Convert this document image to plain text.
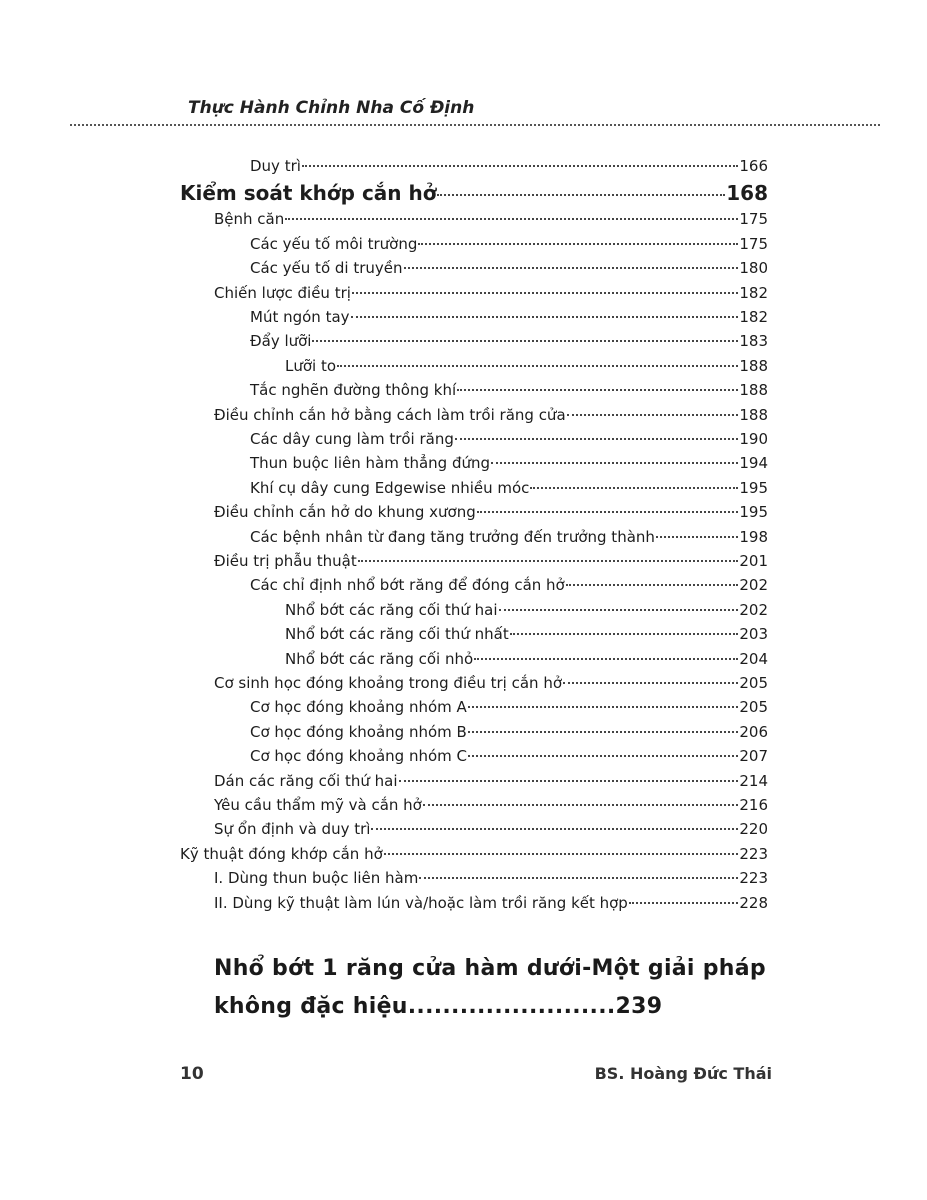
Thực Hành Chỉnh Nha Cố Định
Duy trì	166
Kiểm soát khớp cắn hở	168
Bệnh căn	175
Các yếu tố môi trường	175
Các yếu tố di truyền	180
Chiến lược điều trị	182
Mút ngón tay	182
Đẩy lưỡi	183
Lưỡi to	188
Tắc nghẽn đường thông khí	188
Điều chỉnh cắn hở bằng cách làm trồi răng cửa	188
Các dây cung làm trồi răng	190
Thun buộc liên hàm thẳng đứng	194
Khí cụ dây cung Edgewise nhiều móc	195
Điều chỉnh cắn hở do khung xương	195
Các bệnh nhân từ đang tăng trưởng đến trưởng thành	198
Điều trị phẫu thuật	201
Các chỉ định nhổ bớt răng để đóng cắn hở	202
Nhổ bớt các răng cối thứ hai	202
Nhổ bớt các răng cối thứ nhất	203
Nhổ bớt các răng cối nhỏ	204
Cơ sinh học đóng khoảng trong điều trị cắn hở	205
Cơ học đóng khoảng nhóm A	205
Cơ học đóng khoảng nhóm B	206
Cơ học đóng khoảng nhóm C	207
Dán các răng cối thứ hai	214
Yêu cầu thẩm mỹ và cắn hở	216
Sự ổn định và duy trì	220
Kỹ thuật đóng khớp cắn hở	223
I. Dùng thun buộc liên hàm	223
II. Dùng kỹ thuật làm lún và/hoặc làm trồi răng kết hợp	228
Nhổ bớt 1 răng cửa hàm dưới-Một giải pháp
không đặc hiệu........................239
10	BS. Hoàng Đức Thái
